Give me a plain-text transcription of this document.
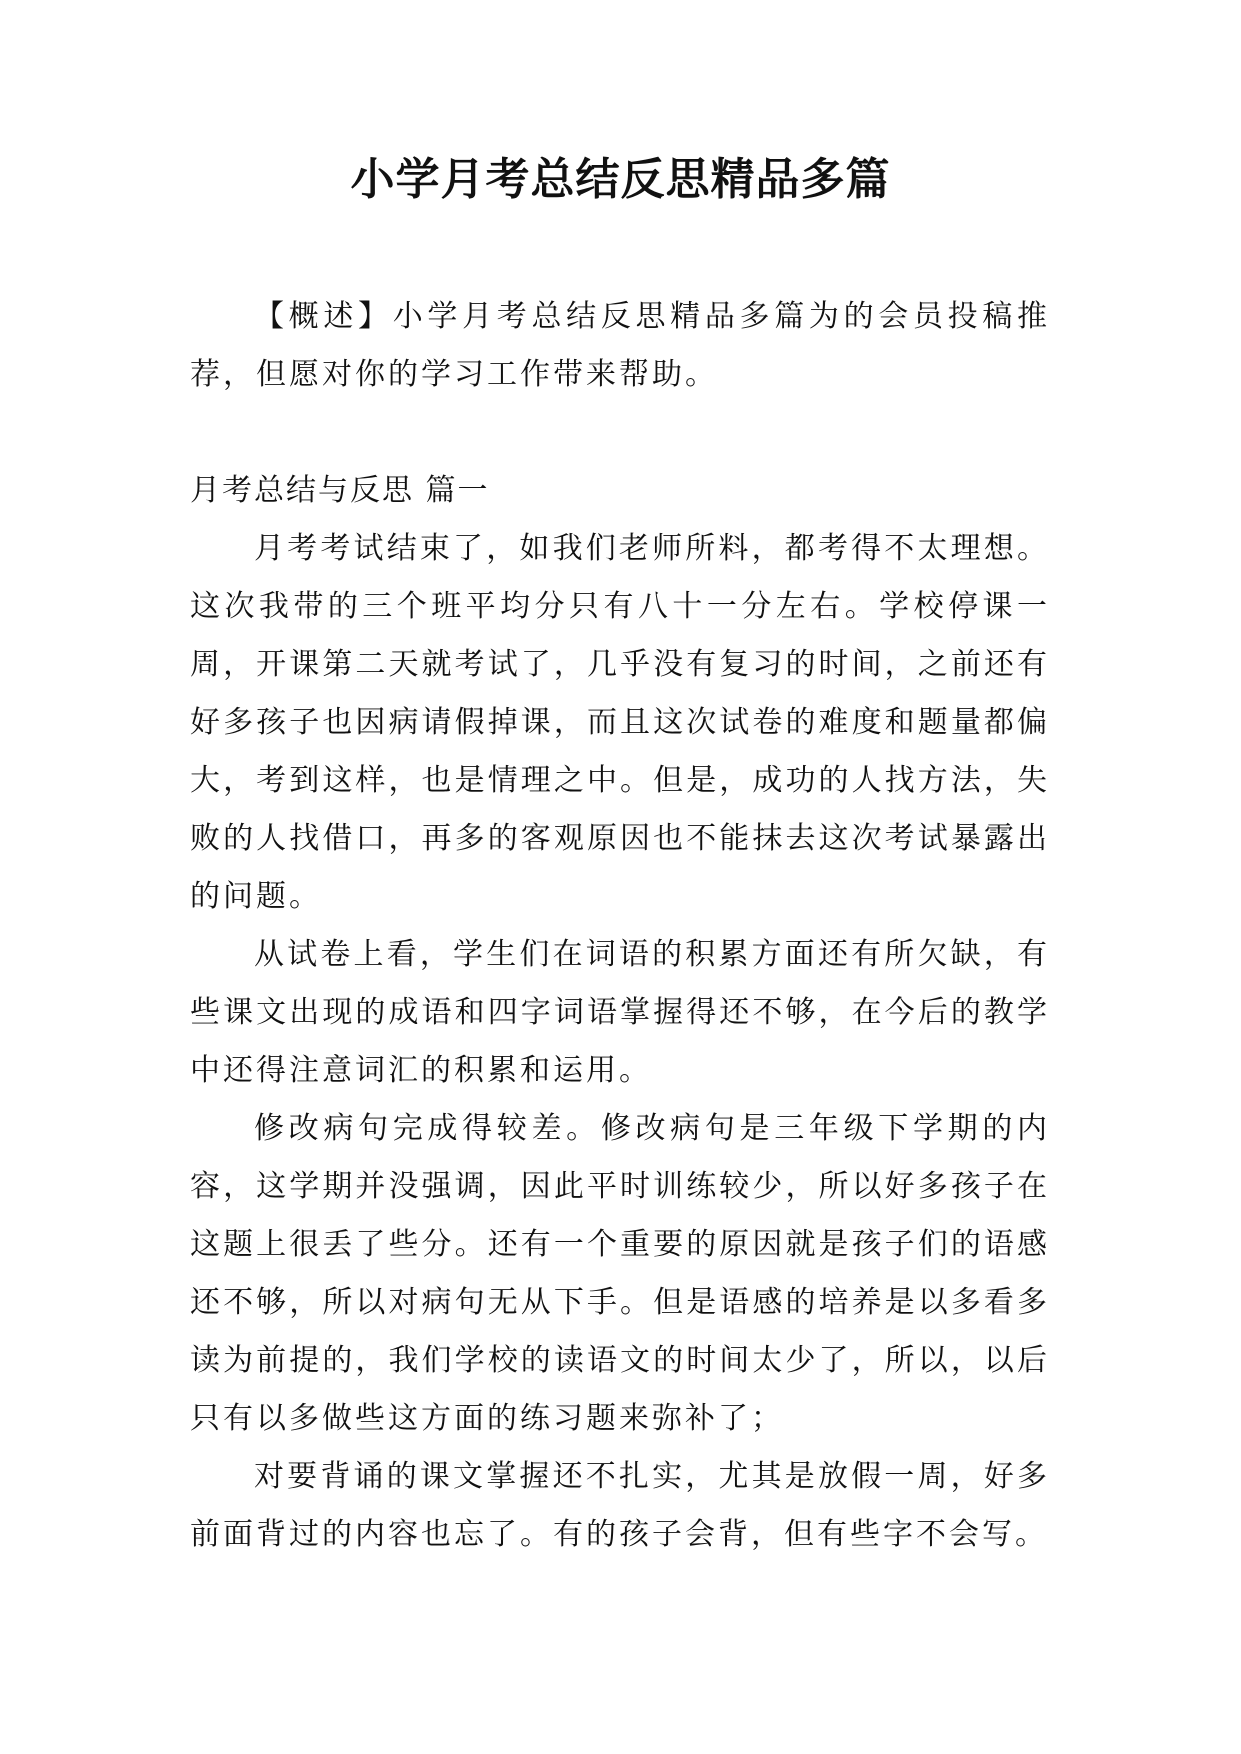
小学月考总结反思精品多篇

【概述】小学月考总结反思精品多篇为的会员投稿推荐，但愿对你的学习工作带来帮助。

月考总结与反思 篇一

月考考试结束了，如我们老师所料，都考得不太理想。这次我带的三个班平均分只有八十一分左右。学校停课一周，开课第二天就考试了，几乎没有复习的时间，之前还有好多孩子也因病请假掉课，而且这次试卷的难度和题量都偏大，考到这样，也是情理之中。但是，成功的人找方法，失败的人找借口，再多的客观原因也不能抹去这次考试暴露出的问题。

从试卷上看，学生们在词语的积累方面还有所欠缺，有些课文出现的成语和四字词语掌握得还不够，在今后的教学中还得注意词汇的积累和运用。

修改病句完成得较差。修改病句是三年级下学期的内容，这学期并没强调，因此平时训练较少，所以好多孩子在这题上很丢了些分。还有一个重要的原因就是孩子们的语感还不够，所以对病句无从下手。但是语感的培养是以多看多读为前提的，我们学校的读语文的时间太少了，所以，以后只有以多做些这方面的练习题来弥补了；

对要背诵的课文掌握还不扎实，尤其是放假一周，好多前面背过的内容也忘了。有的孩子会背，但有些字不会写。
